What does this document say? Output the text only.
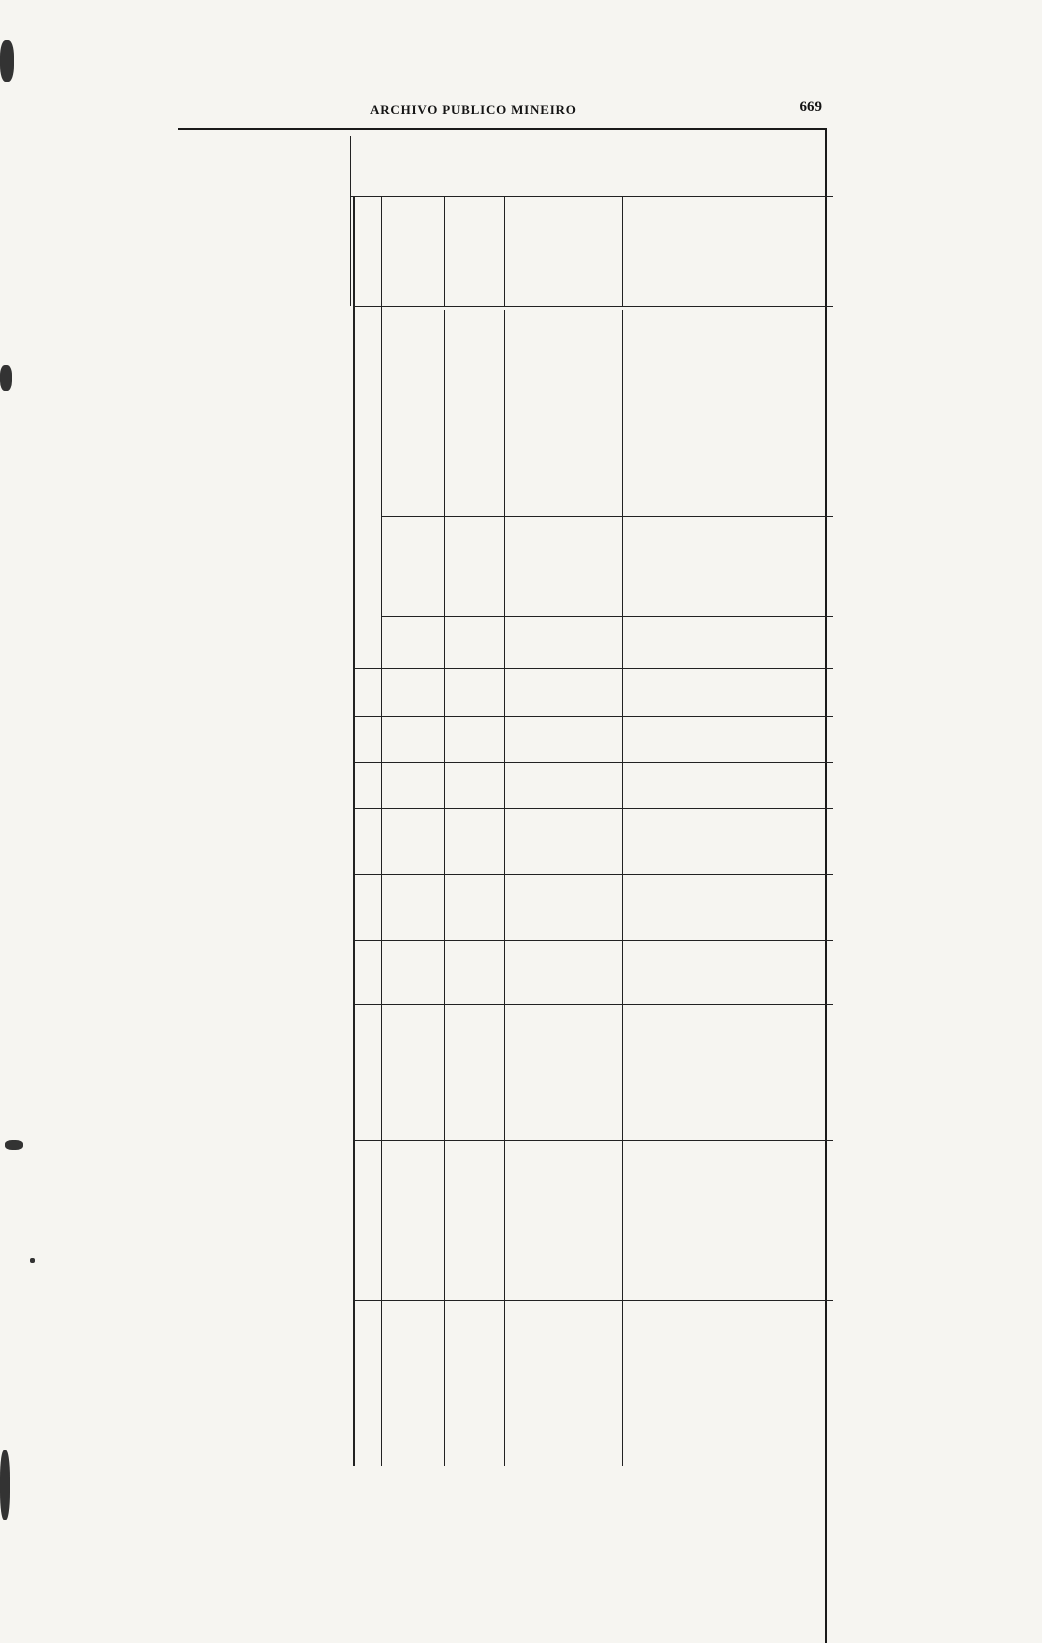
ARCHIVO PUBLICO MINEIRO	669
